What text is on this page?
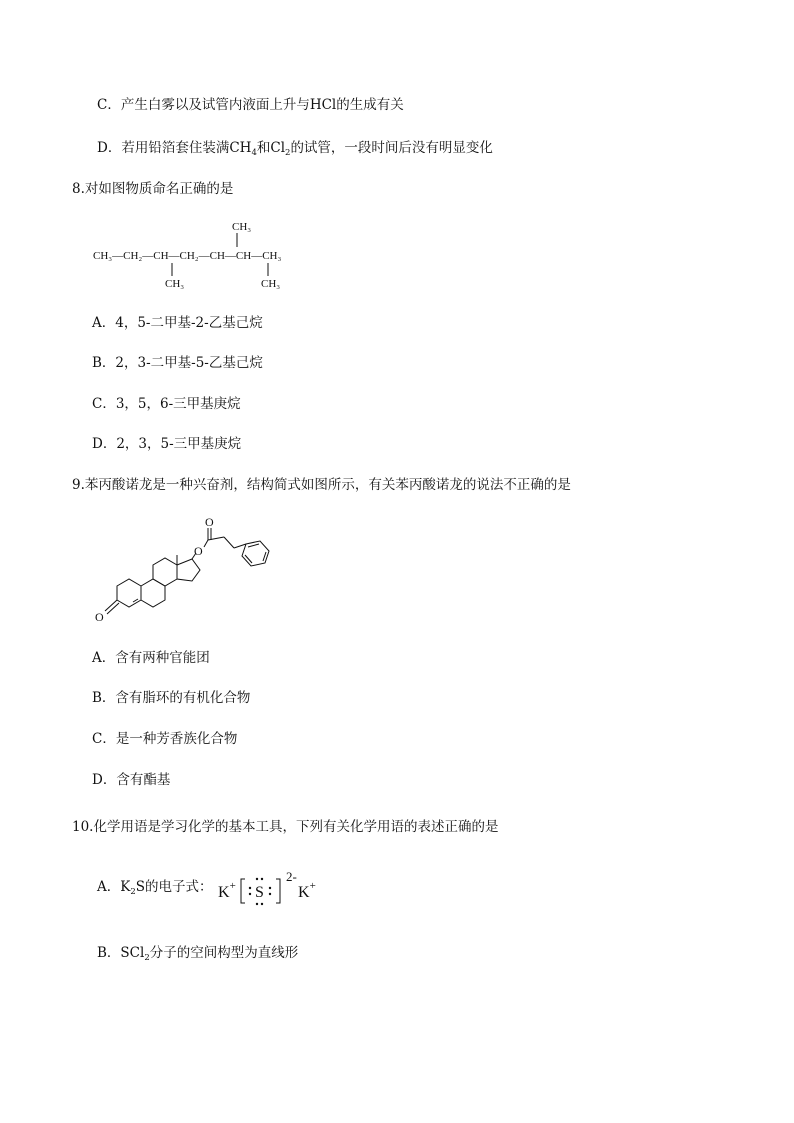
C．产生白雾以及试管内液面上升与HCl的生成有关
D．若用铅箔套住装满$CH_4$和$Cl_2$的试管，一段时间后没有明显变化
8.对如图物质命名正确的是
CH₃
CH₃—CH₂—CH—CH₂—CH—CH—CH₃
CH₃	CH₃
A．4，5-二甲基-2-乙基己烷
B．2，3-二甲基-5-乙基己烷
C．3，5，6-三甲基庚烷
D．2，3，5-三甲基庚烷
9.苯丙酸诺龙是一种兴奋剂，结构简式如图所示，有关苯丙酸诺龙的说法不正确的是
O
O
O
A．含有两种官能团
B．含有脂环的有机化合物
C．是一种芳香族化合物
D．含有酯基
10.化学用语是学习化学的基本工具，下列有关化学用语的表述正确的是
A．$K_2S$的电子式： K+ S
2-
K+
B．SCl$_2$分子的空间构型为直线形
